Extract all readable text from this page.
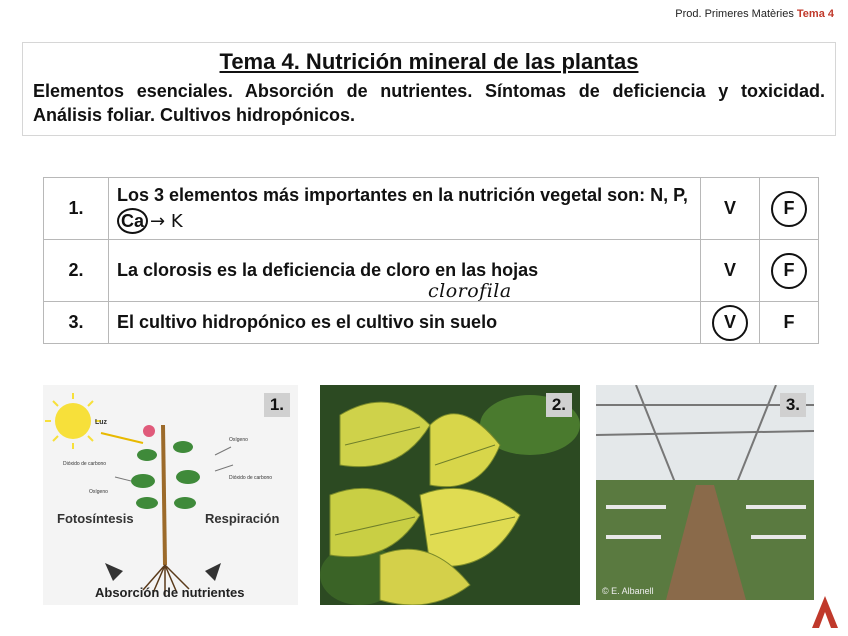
Prod. Primeres Matèries Tema 4
Tema 4. Nutrición mineral de las plantas
Elementos esenciales. Absorción de nutrientes. Síntomas de deficiencia y toxicidad. Análisis foliar. Cultivos hidropónicos.
1.	Los 3 elementos más importantes en la nutrición vegetal son: N, P, Ca → K	V	F
2.	La clorosis es la deficiencia de cloro en las hojas	V	F
3.	El cultivo hidropónico es el cultivo sin suelo	V	F
clorofila
Luz
Dióxido de carbono
Oxígeno
Oxígeno
Dióxido de carbono
Fotosíntesis	Respiración
Absorción de nutrientes
1.	2.
© E. Albanell
3.
